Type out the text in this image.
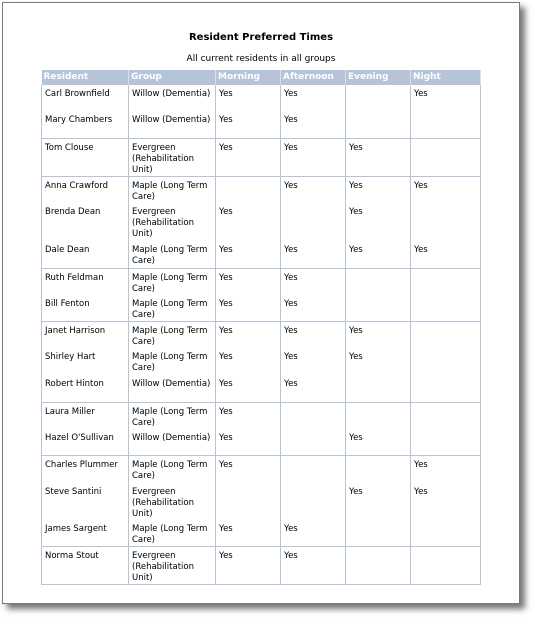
Resident Preferred Times
All current residents in all groups
Resident	Group	Morning	Afternoon	Evening	Night
Carl Brownfield	Willow (Dementia)	Yes	Yes		Yes
Mary Chambers	Willow (Dementia)	Yes	Yes		
Tom Clouse	Evergreen (Rehabilitation Unit)	Yes	Yes	Yes	
Anna Crawford	Maple (Long Term Care)		Yes	Yes	Yes
Brenda Dean	Evergreen (Rehabilitation Unit)	Yes		Yes	
Dale Dean	Maple (Long Term Care)	Yes	Yes	Yes	Yes
Ruth Feldman	Maple (Long Term Care)	Yes	Yes		
Bill Fenton	Maple (Long Term Care)	Yes	Yes		
Janet Harrison	Maple (Long Term Care)	Yes	Yes	Yes	
Shirley Hart	Maple (Long Term Care)	Yes	Yes	Yes	
Robert Hinton	Willow (Dementia)	Yes	Yes		
Laura Miller	Maple (Long Term Care)	Yes			
Hazel O'Sullivan	Willow (Dementia)	Yes		Yes	
Charles Plummer	Maple (Long Term Care)	Yes			Yes
Steve Santini	Evergreen (Rehabilitation Unit)			Yes	Yes
James Sargent	Maple (Long Term Care)	Yes	Yes		
Norma Stout	Evergreen (Rehabilitation Unit)	Yes	Yes		
